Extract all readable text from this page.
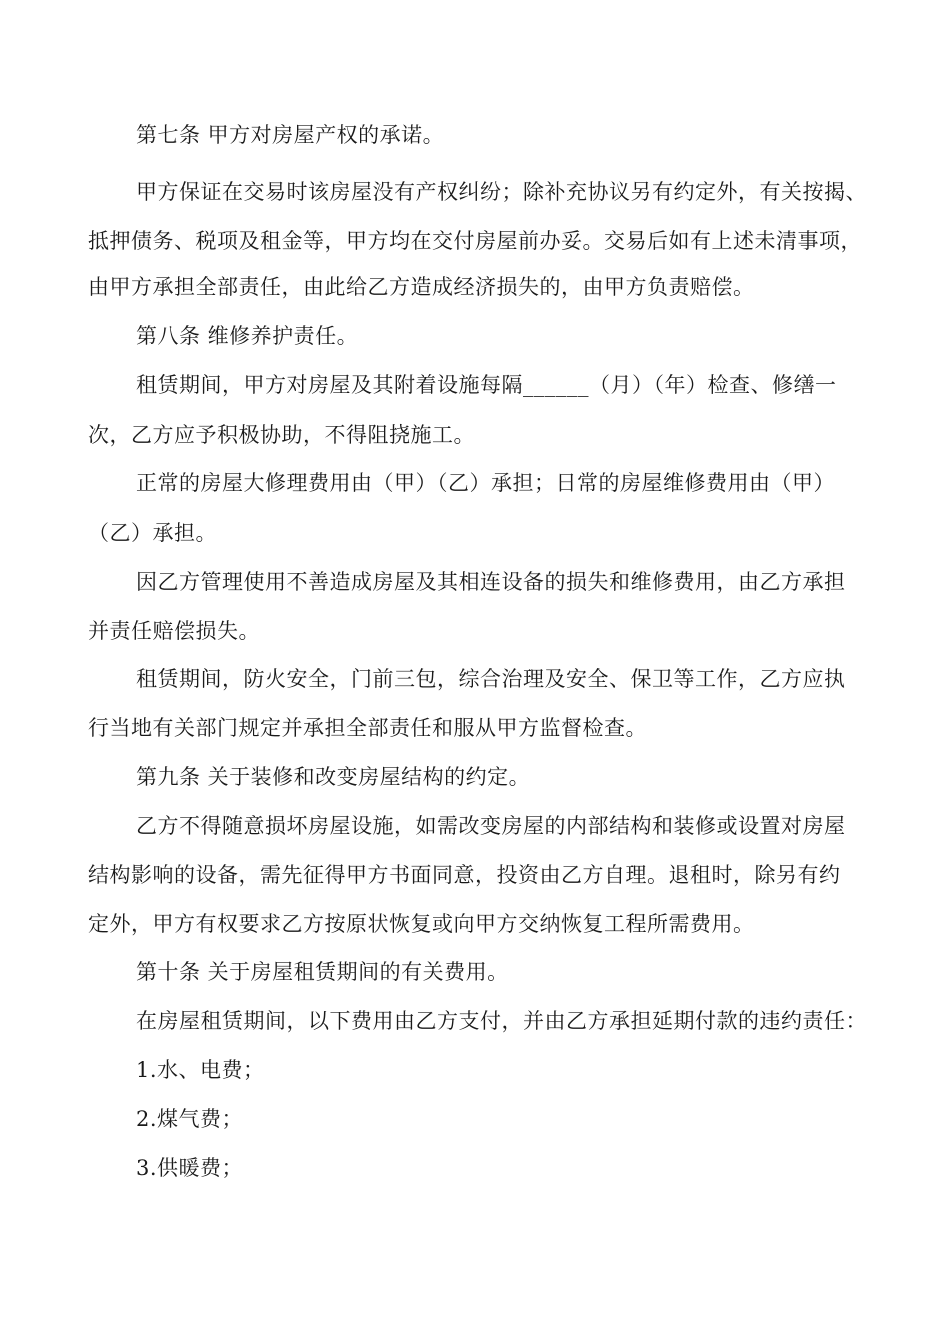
第七条 甲方对房屋产权的承诺。
甲方保证在交易时该房屋没有产权纠纷；除补充协议另有约定外，有关按揭、
抵押债务、税项及租金等，甲方均在交付房屋前办妥。交易后如有上述未清事项，
由甲方承担全部责任，由此给乙方造成经济损失的，由甲方负责赔偿。
第八条 维修养护责任。
租赁期间，甲方对房屋及其附着设施每隔______（月）（年）检查、修缮一
次，乙方应予积极协助，不得阻挠施工。
正常的房屋大修理费用由（甲）（乙）承担；日常的房屋维修费用由（甲）
（乙）承担。
因乙方管理使用不善造成房屋及其相连设备的损失和维修费用，由乙方承担
并责任赔偿损失。
租赁期间，防火安全，门前三包，综合治理及安全、保卫等工作，乙方应执
行当地有关部门规定并承担全部责任和服从甲方监督检查。
第九条 关于装修和改变房屋结构的约定。
乙方不得随意损坏房屋设施，如需改变房屋的内部结构和装修或设置对房屋
结构影响的设备，需先征得甲方书面同意，投资由乙方自理。退租时，除另有约
定外，甲方有权要求乙方按原状恢复或向甲方交纳恢复工程所需费用。
第十条 关于房屋租赁期间的有关费用。
在房屋租赁期间，以下费用由乙方支付，并由乙方承担延期付款的违约责任：
1.水、电费；
2.煤气费；
3.供暖费；
